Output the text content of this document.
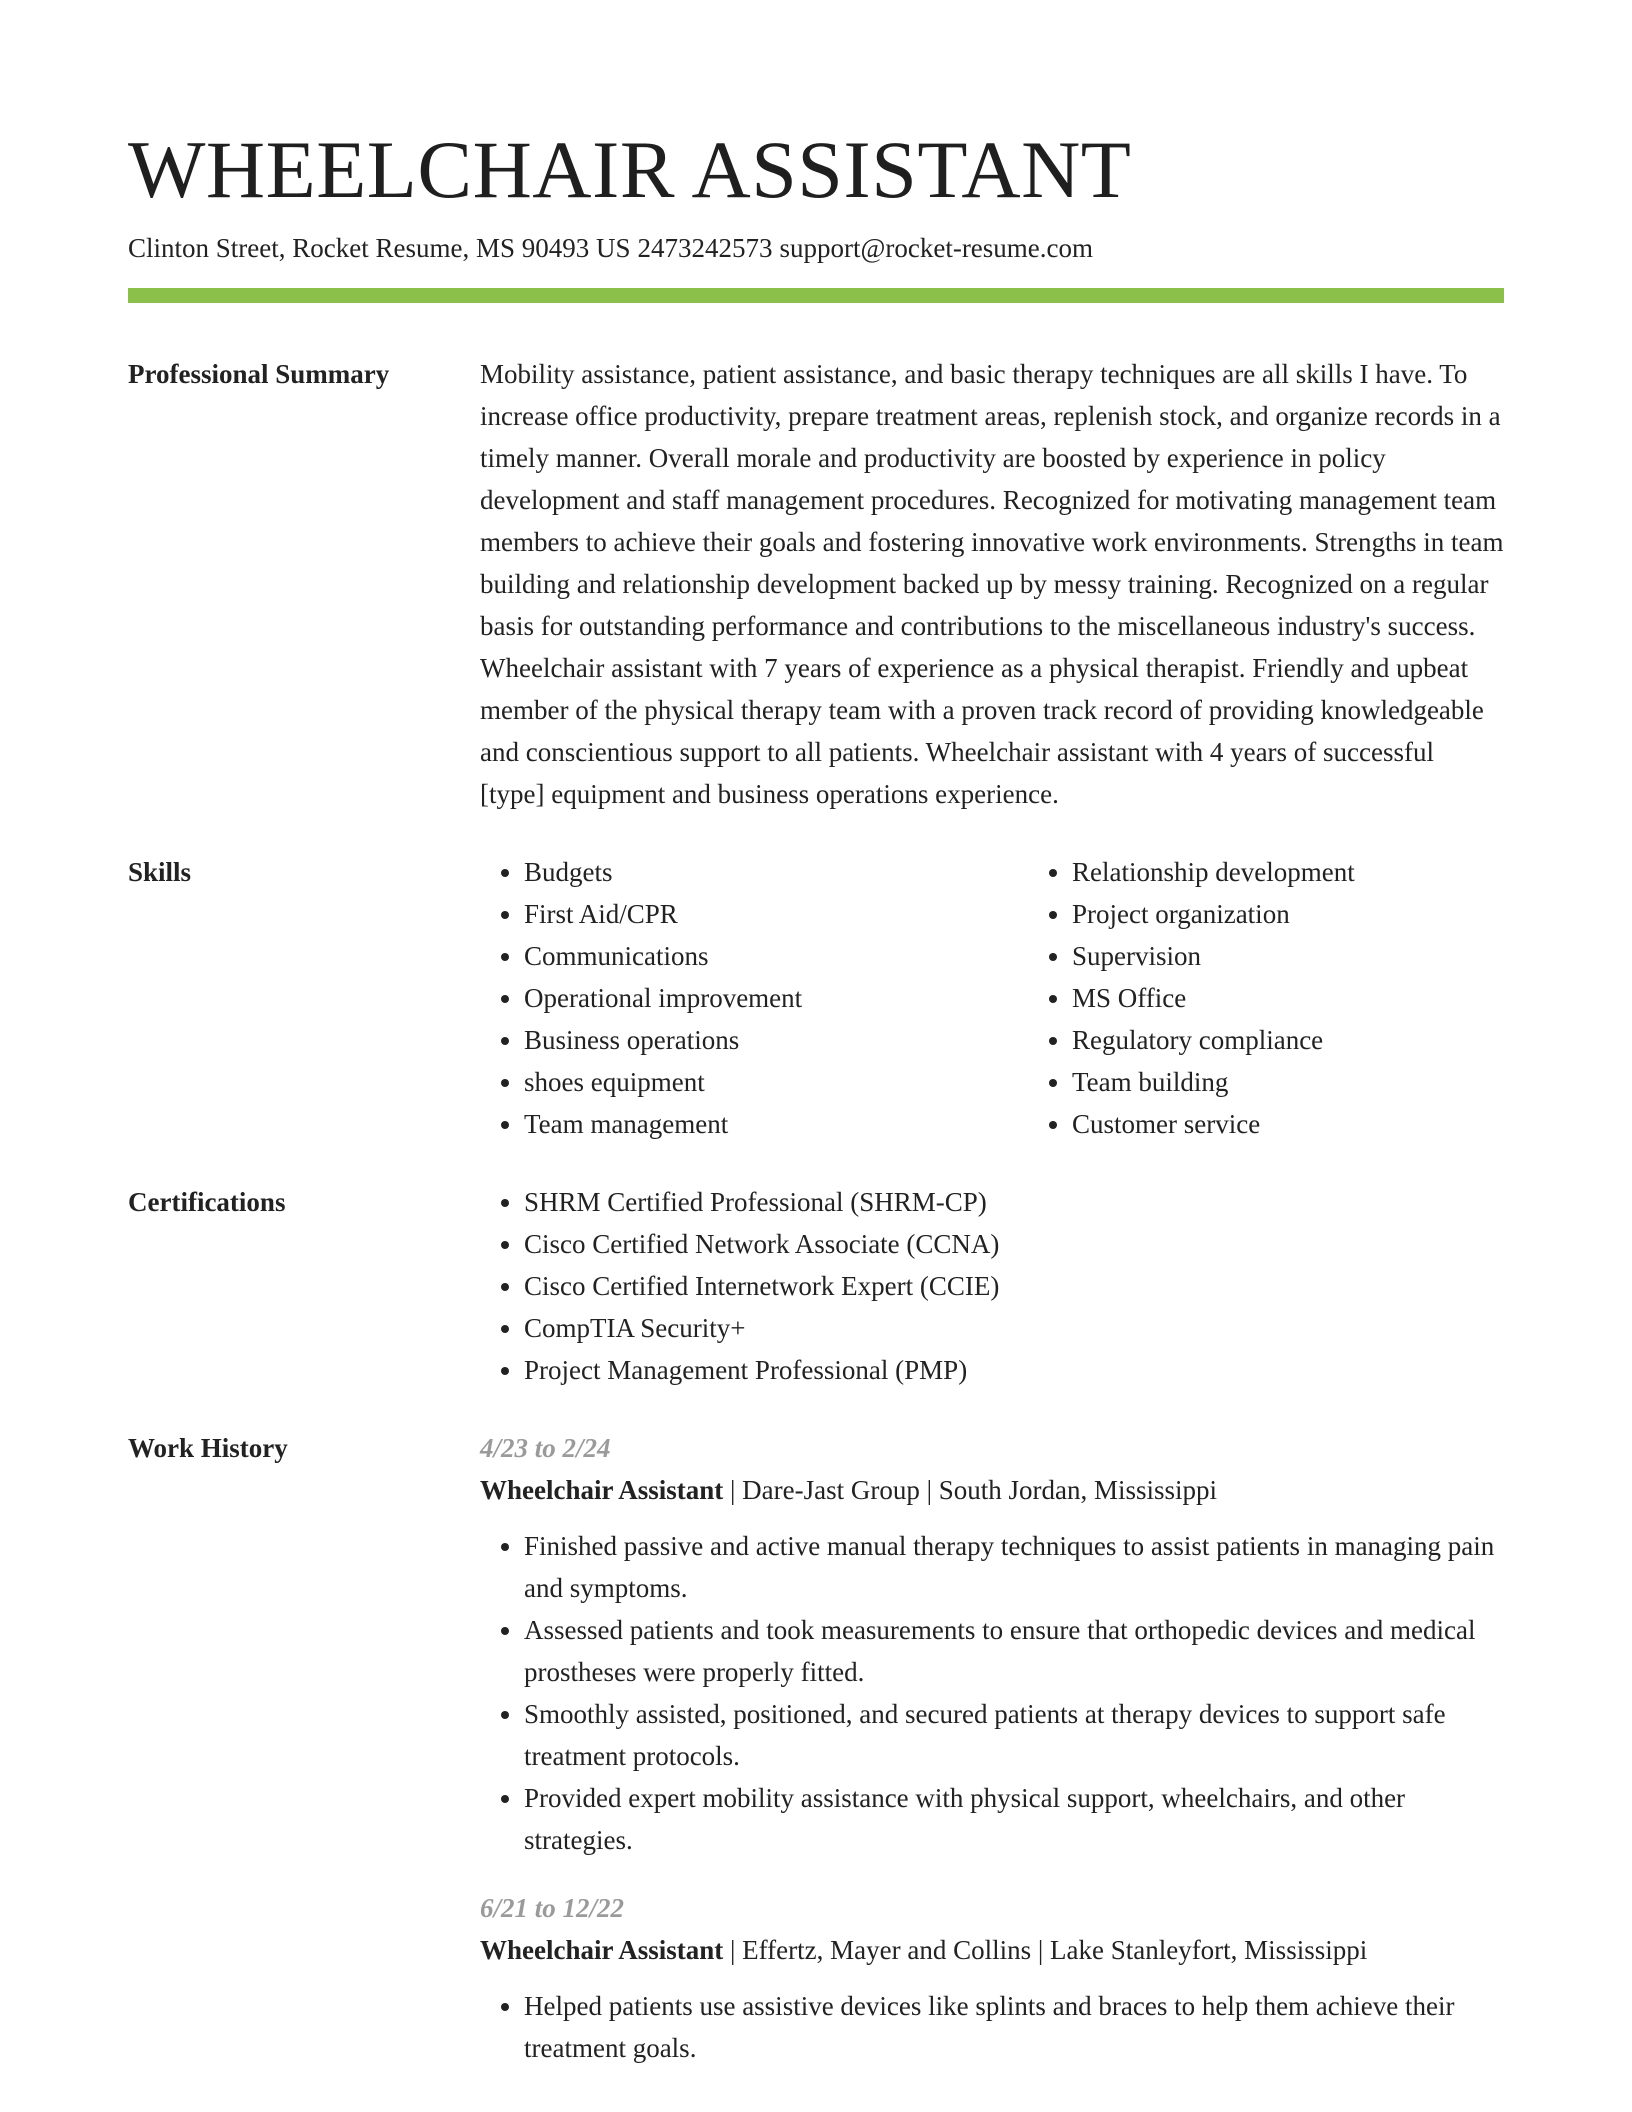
WHEELCHAIR ASSISTANT
Clinton Street, Rocket Resume, MS 90493 US 2473242573 support@rocket-resume.com
Professional Summary	Mobility assistance, patient assistance, and basic therapy techniques are all skills I have. To increase office productivity, prepare treatment areas, replenish stock, and organize records in a timely manner. Overall morale and productivity are boosted by experience in policy development and staff management procedures. Recognized for motivating management team members to achieve their goals and fostering innovative work environments. Strengths in team building and relationship development backed up by messy training. Recognized on a regular basis for outstanding performance and contributions to the miscellaneous industry's success. Wheelchair assistant with 7 years of experience as a physical therapist. Friendly and upbeat member of the physical therapy team with a proven track record of providing knowledgeable and conscientious support to all patients. Wheelchair assistant with 4 years of successful [type] equipment and business operations experience.

Skills	• Budgets
• First Aid/CPR
• Communications
• Operational improvement
• Business operations
• shoes equipment
• Team management
• Relationship development
• Project organization
• Supervision
• MS Office
• Regulatory compliance
• Team building
• Customer service
Certifications	• SHRM Certified Professional (SHRM-CP)
• Cisco Certified Network Associate (CCNA)
• Cisco Certified Internetwork Expert (CCIE)
• CompTIA Security+
• Project Management Professional (PMP)
Work History	4/23 to 2/24
Wheelchair Assistant | Dare-Jast Group | South Jordan, Mississippi
• Finished passive and active manual therapy techniques to assist patients in managing pain and symptoms.
• Assessed patients and took measurements to ensure that orthopedic devices and medical prostheses were properly fitted.
• Smoothly assisted, positioned, and secured patients at therapy devices to support safe treatment protocols.
• Provided expert mobility assistance with physical support, wheelchairs, and other strategies.
6/21 to 12/22
Wheelchair Assistant | Effertz, Mayer and Collins | Lake Stanleyfort, Mississippi
• Helped patients use assistive devices like splints and braces to help them achieve their treatment goals.
